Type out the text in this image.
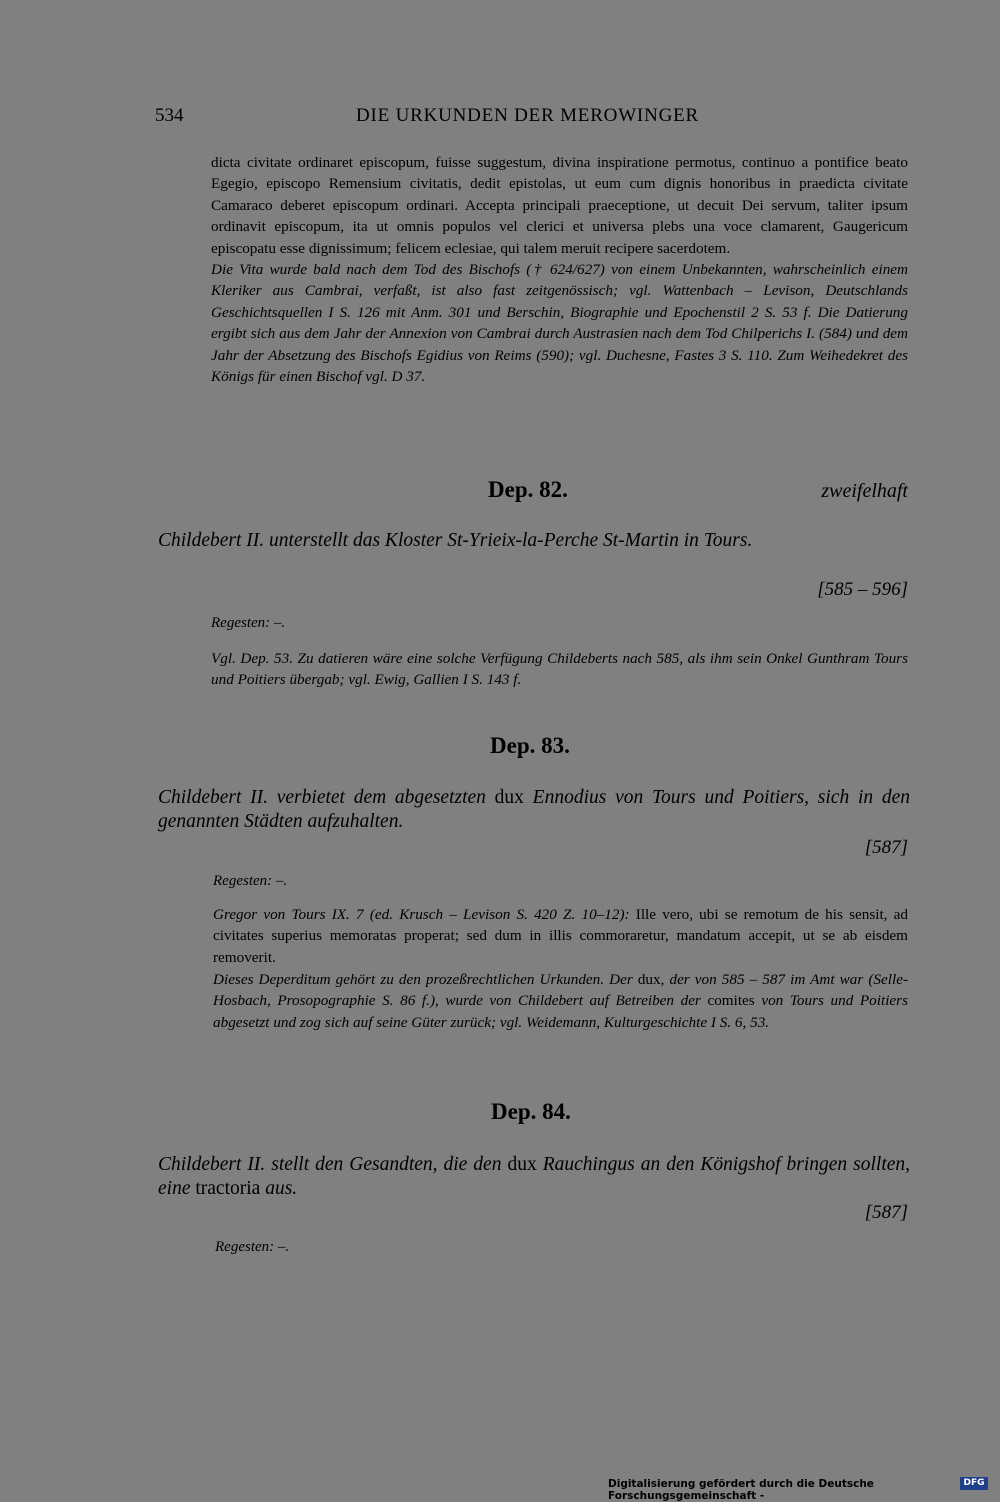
534	DIE URKUNDEN DER MEROWINGER
dicta civitate ordinaret episcopum, fuisse suggestum, divina inspiratione permotus, continuo a pontifice beato Egegio, episcopo Remensium civitatis, dedit epistolas, ut eum cum dignis honoribus in praedicta civitate Camaraco deberet episcopum ordinari. Accepta principali praeceptione, ut decuit Dei servum, taliter ipsum ordinavit episcopum, ita ut omnis populos vel clerici et universa plebs una voce clamarent, Gaugericum episcopatu esse dignissimum; felicem eclesiae, qui talem meruit recipere sacerdotem.
Die Vita wurde bald nach dem Tod des Bischofs († 624/627) von einem Unbekannten, wahrscheinlich einem Kleriker aus Cambrai, verfaßt, ist also fast zeitgenössisch; vgl. Wattenbach – Levison, Deutschlands Geschichtsquellen I S. 126 mit Anm. 301 und Berschin, Biographie und Epochenstil 2 S. 53 f. Die Datierung ergibt sich aus dem Jahr der Annexion von Cambrai durch Austrasien nach dem Tod Chilperichs I. (584) und dem Jahr der Absetzung des Bischofs Egidius von Reims (590); vgl. Duchesne, Fastes 3 S. 110. Zum Weihedekret des Königs für einen Bischof vgl. D 37.
Dep. 82.	zweifelhaft
Childebert II. unterstellt das Kloster St-Yrieix-la-Perche St-Martin in Tours.
[585 – 596]
Regesten: –.
Vgl. Dep. 53. Zu datieren wäre eine solche Verfügung Childeberts nach 585, als ihm sein Onkel Gunthram Tours und Poitiers übergab; vgl. Ewig, Gallien I S. 143 f.
Dep. 83.
Childebert II. verbietet dem abgesetzten dux Ennodius von Tours und Poitiers, sich in den genannten Städten aufzuhalten.
[587]
Regesten: –.
Gregor von Tours IX. 7 (ed. Krusch – Levison S. 420 Z. 10–12): Ille vero, ubi se remotum de his sensit, ad civitates superius memoratas properat; sed dum in illis commoraretur, mandatum accepit, ut se ab eisdem removerit.
Dieses Deperditum gehört zu den prozeßrechtlichen Urkunden. Der dux, der von 585 – 587 im Amt war (Selle-Hosbach, Prosopographie S. 86 f.), wurde von Childebert auf Betreiben der comites von Tours und Poitiers abgesetzt und zog sich auf seine Güter zurück; vgl. Weidemann, Kulturgeschichte I S. 6, 53.
Dep. 84.
Childebert II. stellt den Gesandten, die den dux Rauchingus an den Königshof bringen sollten, eine tractoria aus.
[587]
Regesten: –.
Digitalisierung gefördert durch die Deutsche Forschungsgemeinschaft -
DFG
